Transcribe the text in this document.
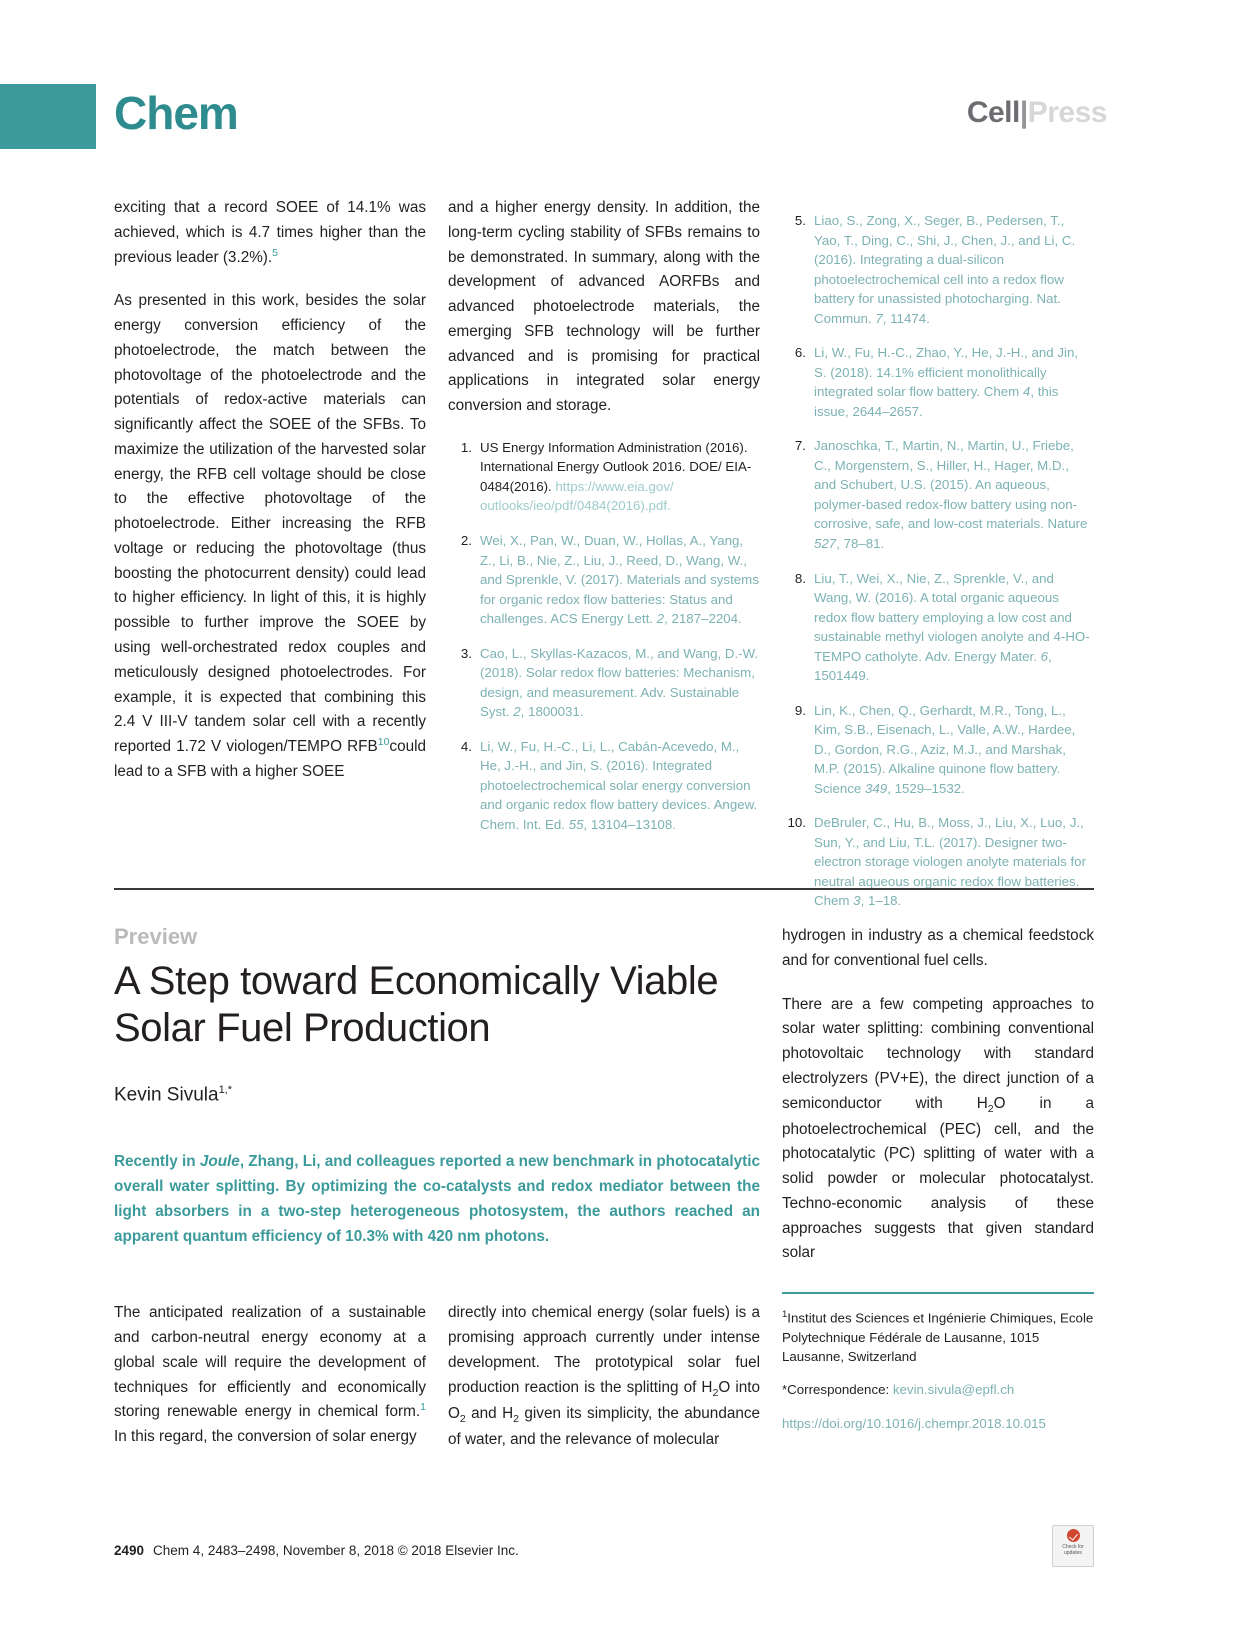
Chem	Cell|Press

exciting that a record SOEE of 14.1% was achieved, which is 4.7 times higher than the previous leader (3.2%).$^5$

As presented in this work, besides the solar energy conversion efficiency of the photoelectrode, the match between the photovoltage of the photoelectrode and the potentials of redox-active materials can significantly affect the SOEE of the SFBs. To maximize the utilization of the harvested solar energy, the RFB cell voltage should be close to the effective photovoltage of the photoelectrode. Either increasing the RFB voltage or reducing the photovoltage (thus boosting the photocurrent density) could lead to higher efficiency. In light of this, it is highly possible to further improve the SOEE by using well-orchestrated redox couples and meticulously designed photoelectrodes. For example, it is expected that combining this 2.4 V III-V tandem solar cell with a recently reported 1.72 V viologen/TEMPO RFB$^{10}$could lead to a SFB with a higher SOEE

and a higher energy density. In addition, the long-term cycling stability of SFBs remains to be demonstrated. In summary, along with the development of advanced AORFBs and advanced photoelectrode materials, the emerging SFB technology will be further advanced and is promising for practical applications in integrated solar energy conversion and storage.

1. US Energy Information Administration (2016). International Energy Outlook 2016. DOE/ EIA-0484(2016). https://www.eia.gov/ outlooks/ieo/pdf/0484(2016).pdf.
2. Wei, X., Pan, W., Duan, W., Hollas, A., Yang, Z., Li, B., Nie, Z., Liu, J., Reed, D., Wang, W., and Sprenkle, V. (2017). Materials and systems for organic redox flow batteries: Status and challenges. ACS Energy Lett. 2, 2187–2204.
3. Cao, L., Skyllas-Kazacos, M., and Wang, D.-W. (2018). Solar redox flow batteries: Mechanism, design, and measurement. Adv. Sustainable Syst. 2, 1800031.
4. Li, W., Fu, H.-C., Li, L., Cabán-Acevedo, M., He, J.-H., and Jin, S. (2016). Integrated photoelectrochemical solar energy conversion and organic redox flow battery devices. Angew. Chem. Int. Ed. 55, 13104–13108.
5. Liao, S., Zong, X., Seger, B., Pedersen, T., Yao, T., Ding, C., Shi, J., Chen, J., and Li, C. (2016). Integrating a dual-silicon photoelectrochemical cell into a redox flow battery for unassisted photocharging. Nat. Commun. 7, 11474.
6. Li, W., Fu, H.-C., Zhao, Y., He, J.-H., and Jin, S. (2018). 14.1% efficient monolithically integrated solar flow battery. Chem 4, this issue, 2644–2657.
7. Janoschka, T., Martin, N., Martin, U., Friebe, C., Morgenstern, S., Hiller, H., Hager, M.D., and Schubert, U.S. (2015). An aqueous, polymer-based redox-flow battery using non-corrosive, safe, and low-cost materials. Nature 527, 78–81.
8. Liu, T., Wei, X., Nie, Z., Sprenkle, V., and Wang, W. (2016). A total organic aqueous redox flow battery employing a low cost and sustainable methyl viologen anolyte and 4-HO-TEMPO catholyte. Adv. Energy Mater. 6, 1501449.
9. Lin, K., Chen, Q., Gerhardt, M.R., Tong, L., Kim, S.B., Eisenach, L., Valle, A.W., Hardee, D., Gordon, R.G., Aziz, M.J., and Marshak, M.P. (2015). Alkaline quinone flow battery. Science 349, 1529–1532.
10. DeBruler, C., Hu, B., Moss, J., Liu, X., Luo, J., Sun, Y., and Liu, T.L. (2017). Designer two-electron storage viologen anolyte materials for neutral aqueous organic redox flow batteries. Chem 3, 1–18.
Preview
A Step toward Economically Viable Solar Fuel Production
Kevin Sivula$^{1,*}$

Recently in Joule, Zhang, Li, and colleagues reported a new benchmark in photocatalytic overall water splitting. By optimizing the co-catalysts and redox mediator between the light absorbers in a two-step heterogeneous photosystem, the authors reached an apparent quantum efficiency of 10.3% with 420 nm photons.

The anticipated realization of a sustainable and carbon-neutral energy economy at a global scale will require the development of techniques for efficiently and economically storing renewable energy in chemical form.$^1$ In this regard, the conversion of solar energy

directly into chemical energy (solar fuels) is a promising approach currently under intense development. The prototypical solar fuel production reaction is the splitting of $H_2O$ into $O_2$ and $H_2$ given its simplicity, the abundance of water, and the relevance of molecular

hydrogen in industry as a chemical feedstock and for conventional fuel cells.

There are a few competing approaches to solar water splitting: combining conventional photovoltaic technology with standard electrolyzers (PV+E), the direct junction of a semiconductor with $H_2O$ in a photoelectrochemical (PEC) cell, and the photocatalytic (PC) splitting of water with a solid powder or molecular photocatalyst. Techno-economic analysis of these approaches suggests that given standard solar

$^1$Institut des Sciences et Ingénierie Chimiques, Ecole Polytechnique Fédérale de Lausanne, 1015 Lausanne, Switzerland

*Correspondence: kevin.sivula@epfl.ch

https://doi.org/10.1016/j.chempr.2018.10.015

2490 Chem 4, 2483–2498, November 8, 2018 © 2018 Elsevier Inc.	Check for
updates
